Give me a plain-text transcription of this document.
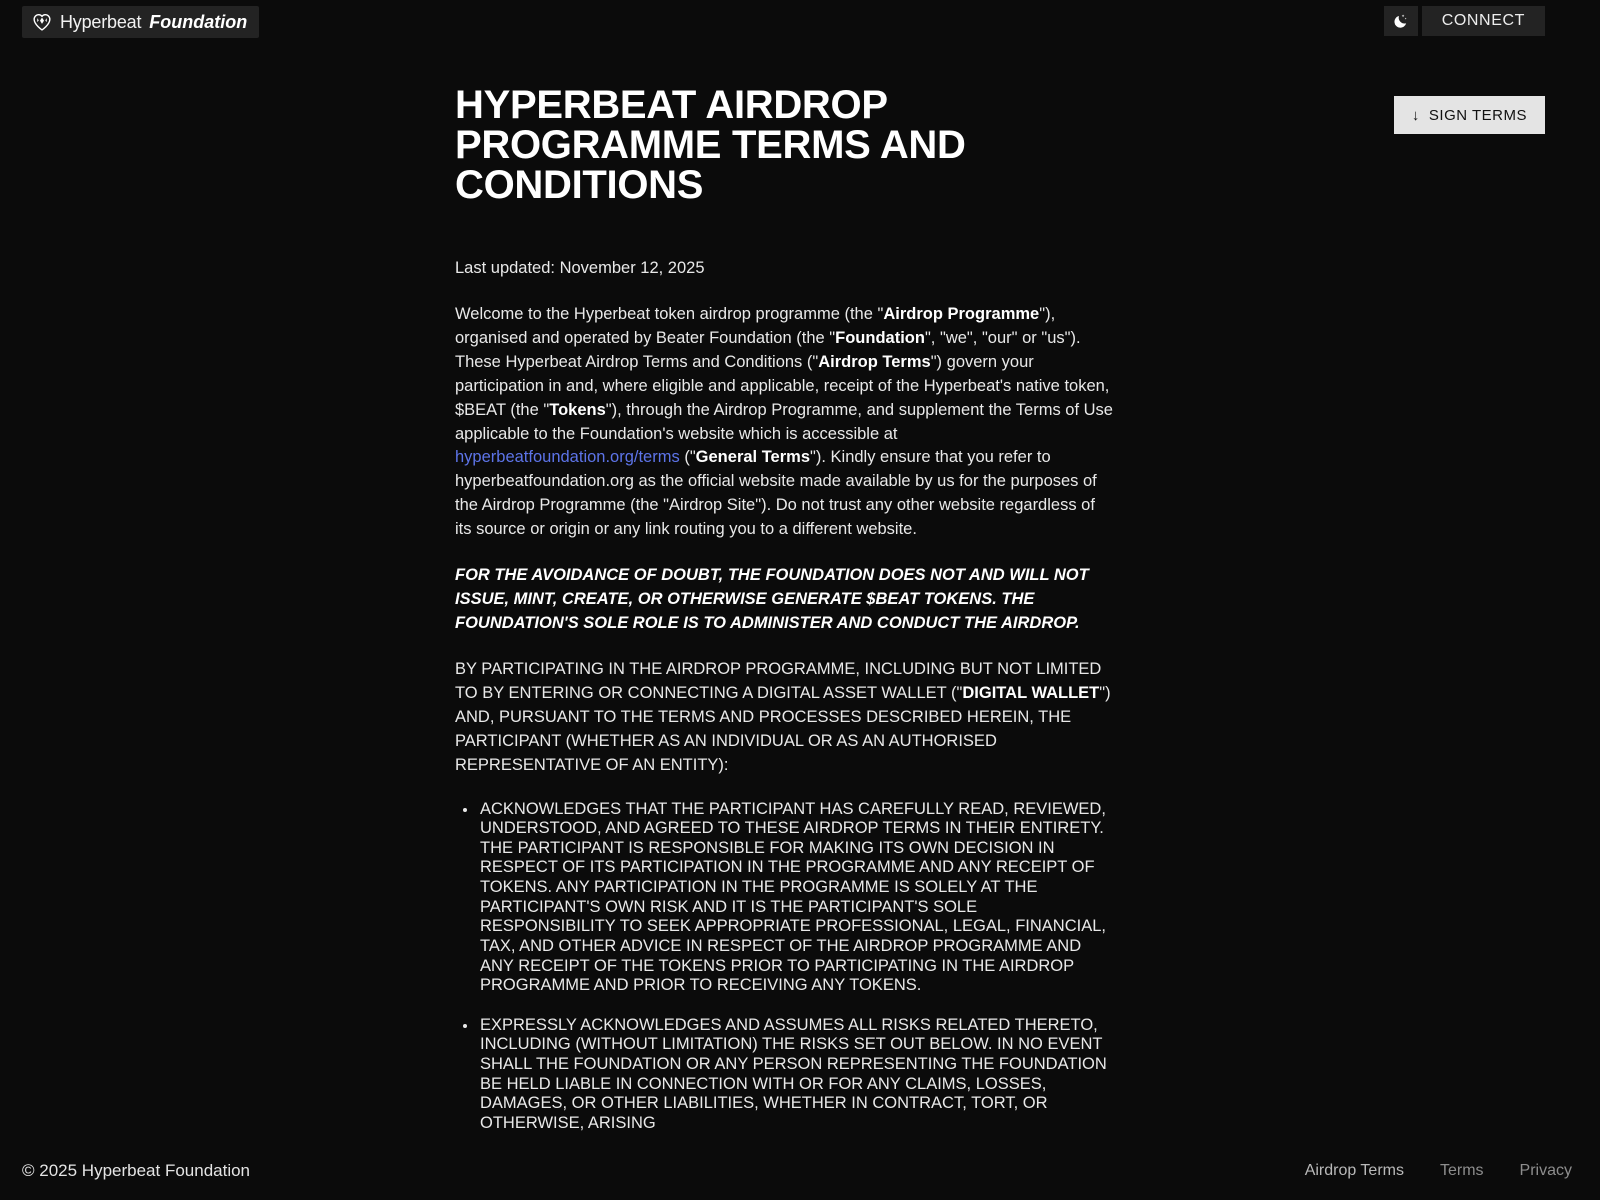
Hyperbeat Foundation	CONNECT
↓ SIGN TERMS
HYPERBEAT AIRDROP PROGRAMME TERMS AND CONDITIONS
Last updated: November 12, 2025

Welcome to the Hyperbeat token airdrop programme (the "Airdrop Programme"), organised and operated by Beater Foundation (the "Foundation", "we", "our" or "us"). These Hyperbeat Airdrop Terms and Conditions ("Airdrop Terms") govern your participation in and, where eligible and applicable, receipt of the Hyperbeat's native token, $BEAT (the "Tokens"), through the Airdrop Programme, and supplement the Terms of Use applicable to the Foundation's website which is accessible at hyperbeatfoundation.org/terms ("General Terms"). Kindly ensure that you refer to hyperbeatfoundation.org as the official website made available by us for the purposes of the Airdrop Programme (the "Airdrop Site"). Do not trust any other website regardless of its source or origin or any link routing you to a different website.

FOR THE AVOIDANCE OF DOUBT, THE FOUNDATION DOES NOT AND WILL NOT ISSUE, MINT, CREATE, OR OTHERWISE GENERATE $BEAT TOKENS. THE FOUNDATION'S SOLE ROLE IS TO ADMINISTER AND CONDUCT THE AIRDROP.

BY PARTICIPATING IN THE AIRDROP PROGRAMME, INCLUDING BUT NOT LIMITED TO BY ENTERING OR CONNECTING A DIGITAL ASSET WALLET ("DIGITAL WALLET") AND, PURSUANT TO THE TERMS AND PROCESSES DESCRIBED HEREIN, THE PARTICIPANT (WHETHER AS AN INDIVIDUAL OR AS AN AUTHORISED REPRESENTATIVE OF AN ENTITY):

ACKNOWLEDGES THAT THE PARTICIPANT HAS CAREFULLY READ, REVIEWED, UNDERSTOOD, AND AGREED TO THESE AIRDROP TERMS IN THEIR ENTIRETY. THE PARTICIPANT IS RESPONSIBLE FOR MAKING ITS OWN DECISION IN RESPECT OF ITS PARTICIPATION IN THE PROGRAMME AND ANY RECEIPT OF TOKENS. ANY PARTICIPATION IN THE PROGRAMME IS SOLELY AT THE PARTICIPANT'S OWN RISK AND IT IS THE PARTICIPANT'S SOLE RESPONSIBILITY TO SEEK APPROPRIATE PROFESSIONAL, LEGAL, FINANCIAL, TAX, AND OTHER ADVICE IN RESPECT OF THE AIRDROP PROGRAMME AND ANY RECEIPT OF THE TOKENS PRIOR TO PARTICIPATING IN THE AIRDROP PROGRAMME AND PRIOR TO RECEIVING ANY TOKENS.
EXPRESSLY ACKNOWLEDGES AND ASSUMES ALL RISKS RELATED THERETO, INCLUDING (WITHOUT LIMITATION) THE RISKS SET OUT BELOW. IN NO EVENT SHALL THE FOUNDATION OR ANY PERSON REPRESENTING THE FOUNDATION BE HELD LIABLE IN CONNECTION WITH OR FOR ANY CLAIMS, LOSSES, DAMAGES, OR OTHER LIABILITIES, WHETHER IN CONTRACT, TORT, OR OTHERWISE, ARISING
© 2025 Hyperbeat Foundation	Airdrop Terms Terms Privacy
